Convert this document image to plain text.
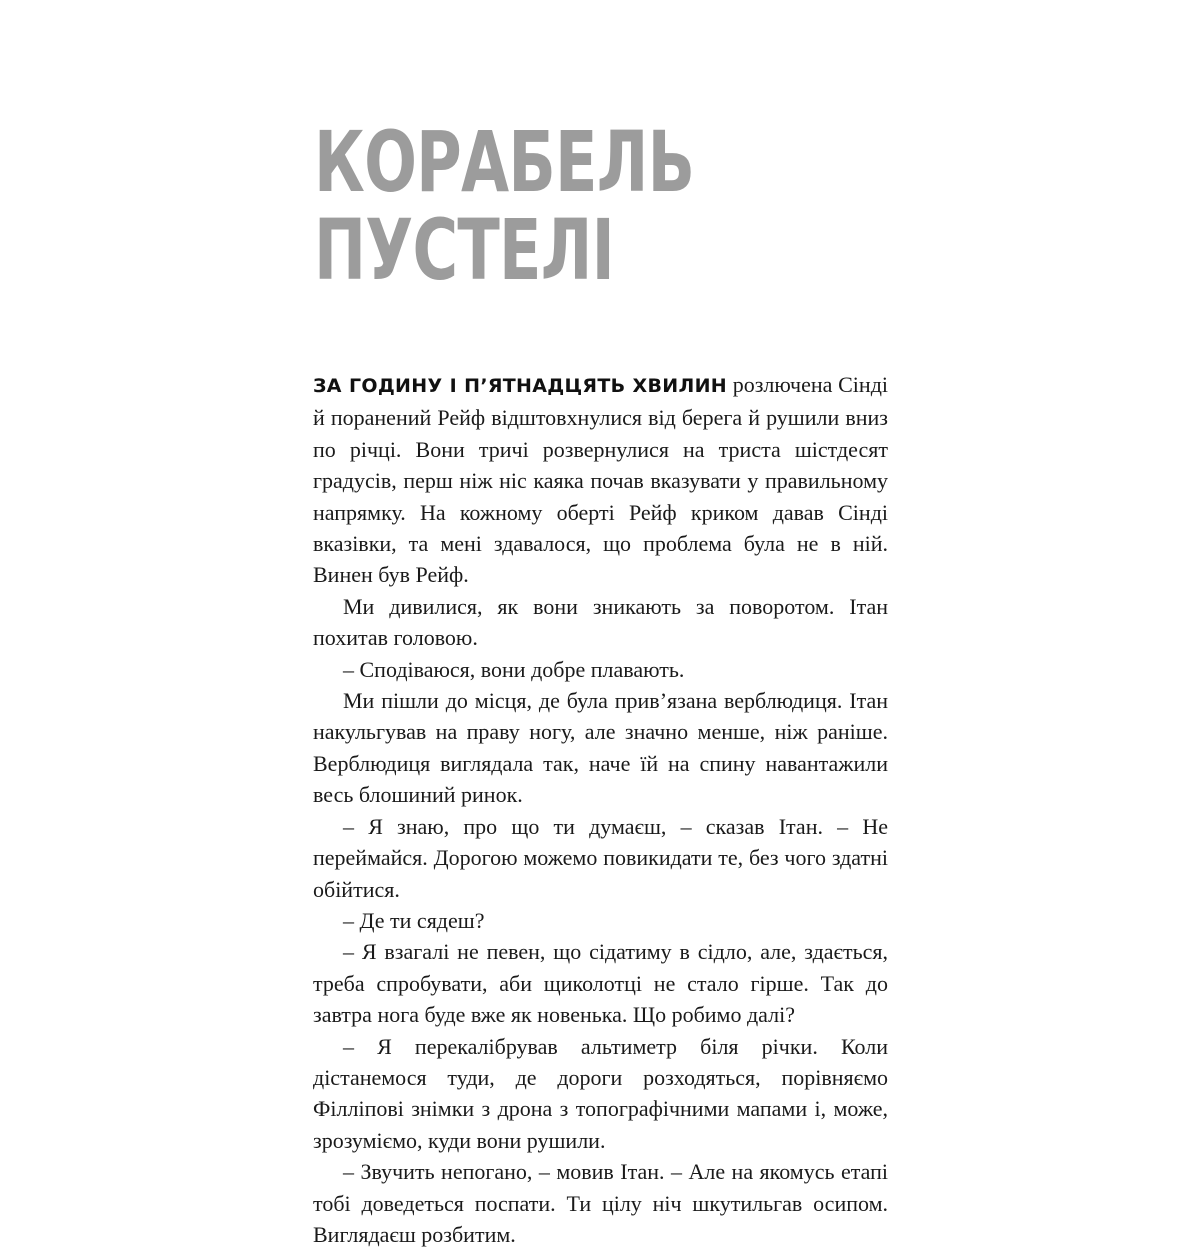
КОРАБЕЛЬ
ПУСТЕЛІ

ЗА ГОДИНУ І П’ЯТНАДЦЯТЬ ХВИЛИН розлючена Сінді й поранений Рейф відштовхнулися від берега й рушили вниз по річці. Вони тричі розвернулися на триста шістдесят градусів, перш ніж ніс каяка почав вказувати у правильному напрямку. На кожному оберті Рейф криком давав Сінді вказівки, та мені здавалося, що проблема була не в ній. Винен був Рейф.

Ми дивилися, як вони зникають за поворотом. Ітан похитав головою.

– Сподіваюся, вони добре плавають.

Ми пішли до місця, де була прив’язана верблюдиця. Ітан накульгував на праву ногу, але значно менше, ніж раніше. Верблюдиця виглядала так, наче їй на спину навантажили весь блошиний ринок.

– Я знаю, про що ти думаєш, – сказав Ітан. – Не переймайся. Дорогою можемо повикидати те, без чого здатні обійтися.

– Де ти сядеш?

– Я взагалі не певен, що сідатиму в сідло, але, здається, треба спробувати, аби щиколотці не стало гірше. Так до завтра нога буде вже як новенька. Що робимо далі?

– Я перекалібрував альтиметр біля річки. Коли дістанемося туди, де дороги розходяться, порівняємо Філліпові знімки з дрона з топографічними мапами і, може, зрозуміємо, куди вони рушили.

– Звучить непогано, – мовив Ітан. – Але на якомусь етапі тобі доведеться поспати. Ти цілу ніч шкутильгав осипом. Виглядаєш розбитим.
